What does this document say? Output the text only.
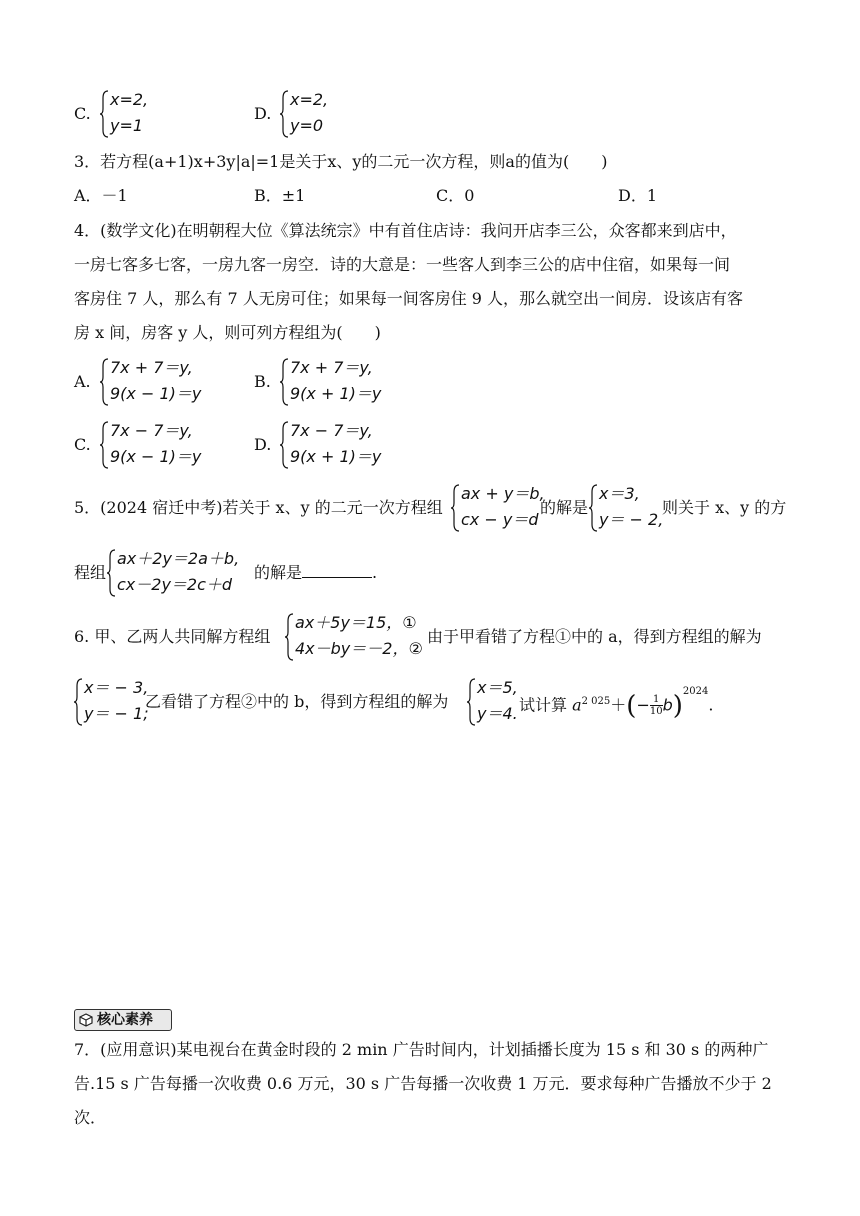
C.
x=2,
y=1
D.
x=2,
y=0
3．若方程(a+1)x+3y|a|=1是关于x、y的二元一次方程，则a的值为(　　)
A．－1	B．±1	C．0	D．1
4．(数学文化)在明朝程大位《算法统宗》中有首住店诗：我问开店李三公，众客都来到店中，
一房七客多七客，一房九客一房空．诗的大意是：一些客人到李三公的店中住宿，如果每一间
客房住 7 人，那么有 7 人无房可住；如果每一间客房住 9 人，那么就空出一间房．设该店有客
房 x 间，房客 y 人，则可列方程组为(　　)
A.
7x + 7＝y,
9(x − 1)＝y
B.
7x + 7＝y,
9(x + 1)＝y
C.
7x − 7＝y,
9(x − 1)＝y
D.
7x − 7＝y,
9(x + 1)＝y
5．(2024 宿迁中考)若关于 x、y 的二元一次方程组
ax + y＝b,
cx − y＝d
的解是
x＝3,
y＝ − 2,
则关于 x、y 的方
程组
ax＋2y＝2a＋b,
cx－2y＝2c＋d
的解是	.
6. 甲、乙两人共同解方程组
ax＋5y＝15，①
4x－by＝－2，②
由于甲看错了方程①中的 a，得到方程组的解为
x＝ − 3,
y＝ − 1;
乙看错了方程②中的 b，得到方程组的解为
x＝5,
y＝4. 试计算 $a^{2 025}+(- \frac{1}{10}b)^{2024}$.
核心素养
7．(应用意识)某电视台在黄金时段的 2 min 广告时间内，计划插播长度为 15 s 和 30 s 的两种广
告.15 s 广告每播一次收费 0.6 万元，30 s 广告每播一次收费 1 万元．要求每种广告播放不少于 2
次．
